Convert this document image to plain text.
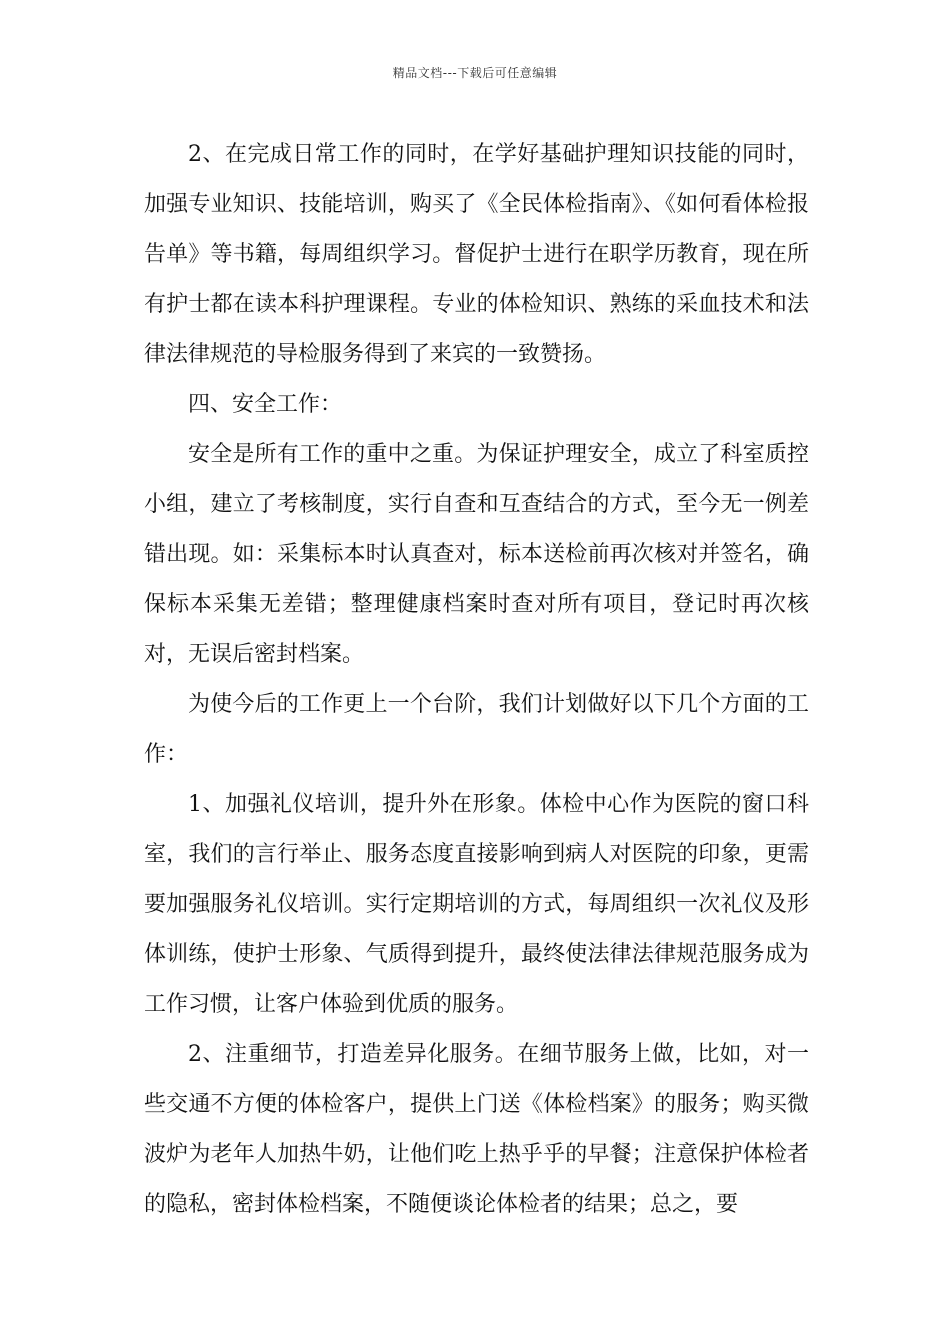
精品文档---下载后可任意编辑

2、在完成日常工作的同时，在学好基础护理知识技能的同时，加强专业知识、技能培训，购买了《全民体检指南》、《如何看体检报告单》等书籍，每周组织学习。督促护士进行在职学历教育，现在所有护士都在读本科护理课程。专业的体检知识、熟练的采血技术和法律法律规范的导检服务得到了来宾的一致赞扬。

四、安全工作：

安全是所有工作的重中之重。为保证护理安全，成立了科室质控小组，建立了考核制度，实行自查和互查结合的方式，至今无一例差错出现。如：采集标本时认真查对，标本送检前再次核对并签名，确保标本采集无差错；整理健康档案时查对所有项目，登记时再次核对，无误后密封档案。

为使今后的工作更上一个台阶，我们计划做好以下几个方面的工作：

1、加强礼仪培训，提升外在形象。体检中心作为医院的窗口科室，我们的言行举止、服务态度直接影响到病人对医院的印象，更需要加强服务礼仪培训。实行定期培训的方式，每周组织一次礼仪及形体训练，使护士形象、气质得到提升，最终使法律法律规范服务成为工作习惯，让客户体验到优质的服务。

2、注重细节，打造差异化服务。在细节服务上做，比如，对一些交通不方便的体检客户，提供上门送《体检档案》的服务；购买微波炉为老年人加热牛奶，让他们吃上热乎乎的早餐；注意保护体检者的隐私，密封体检档案，不随便谈论体检者的结果；总之，要
